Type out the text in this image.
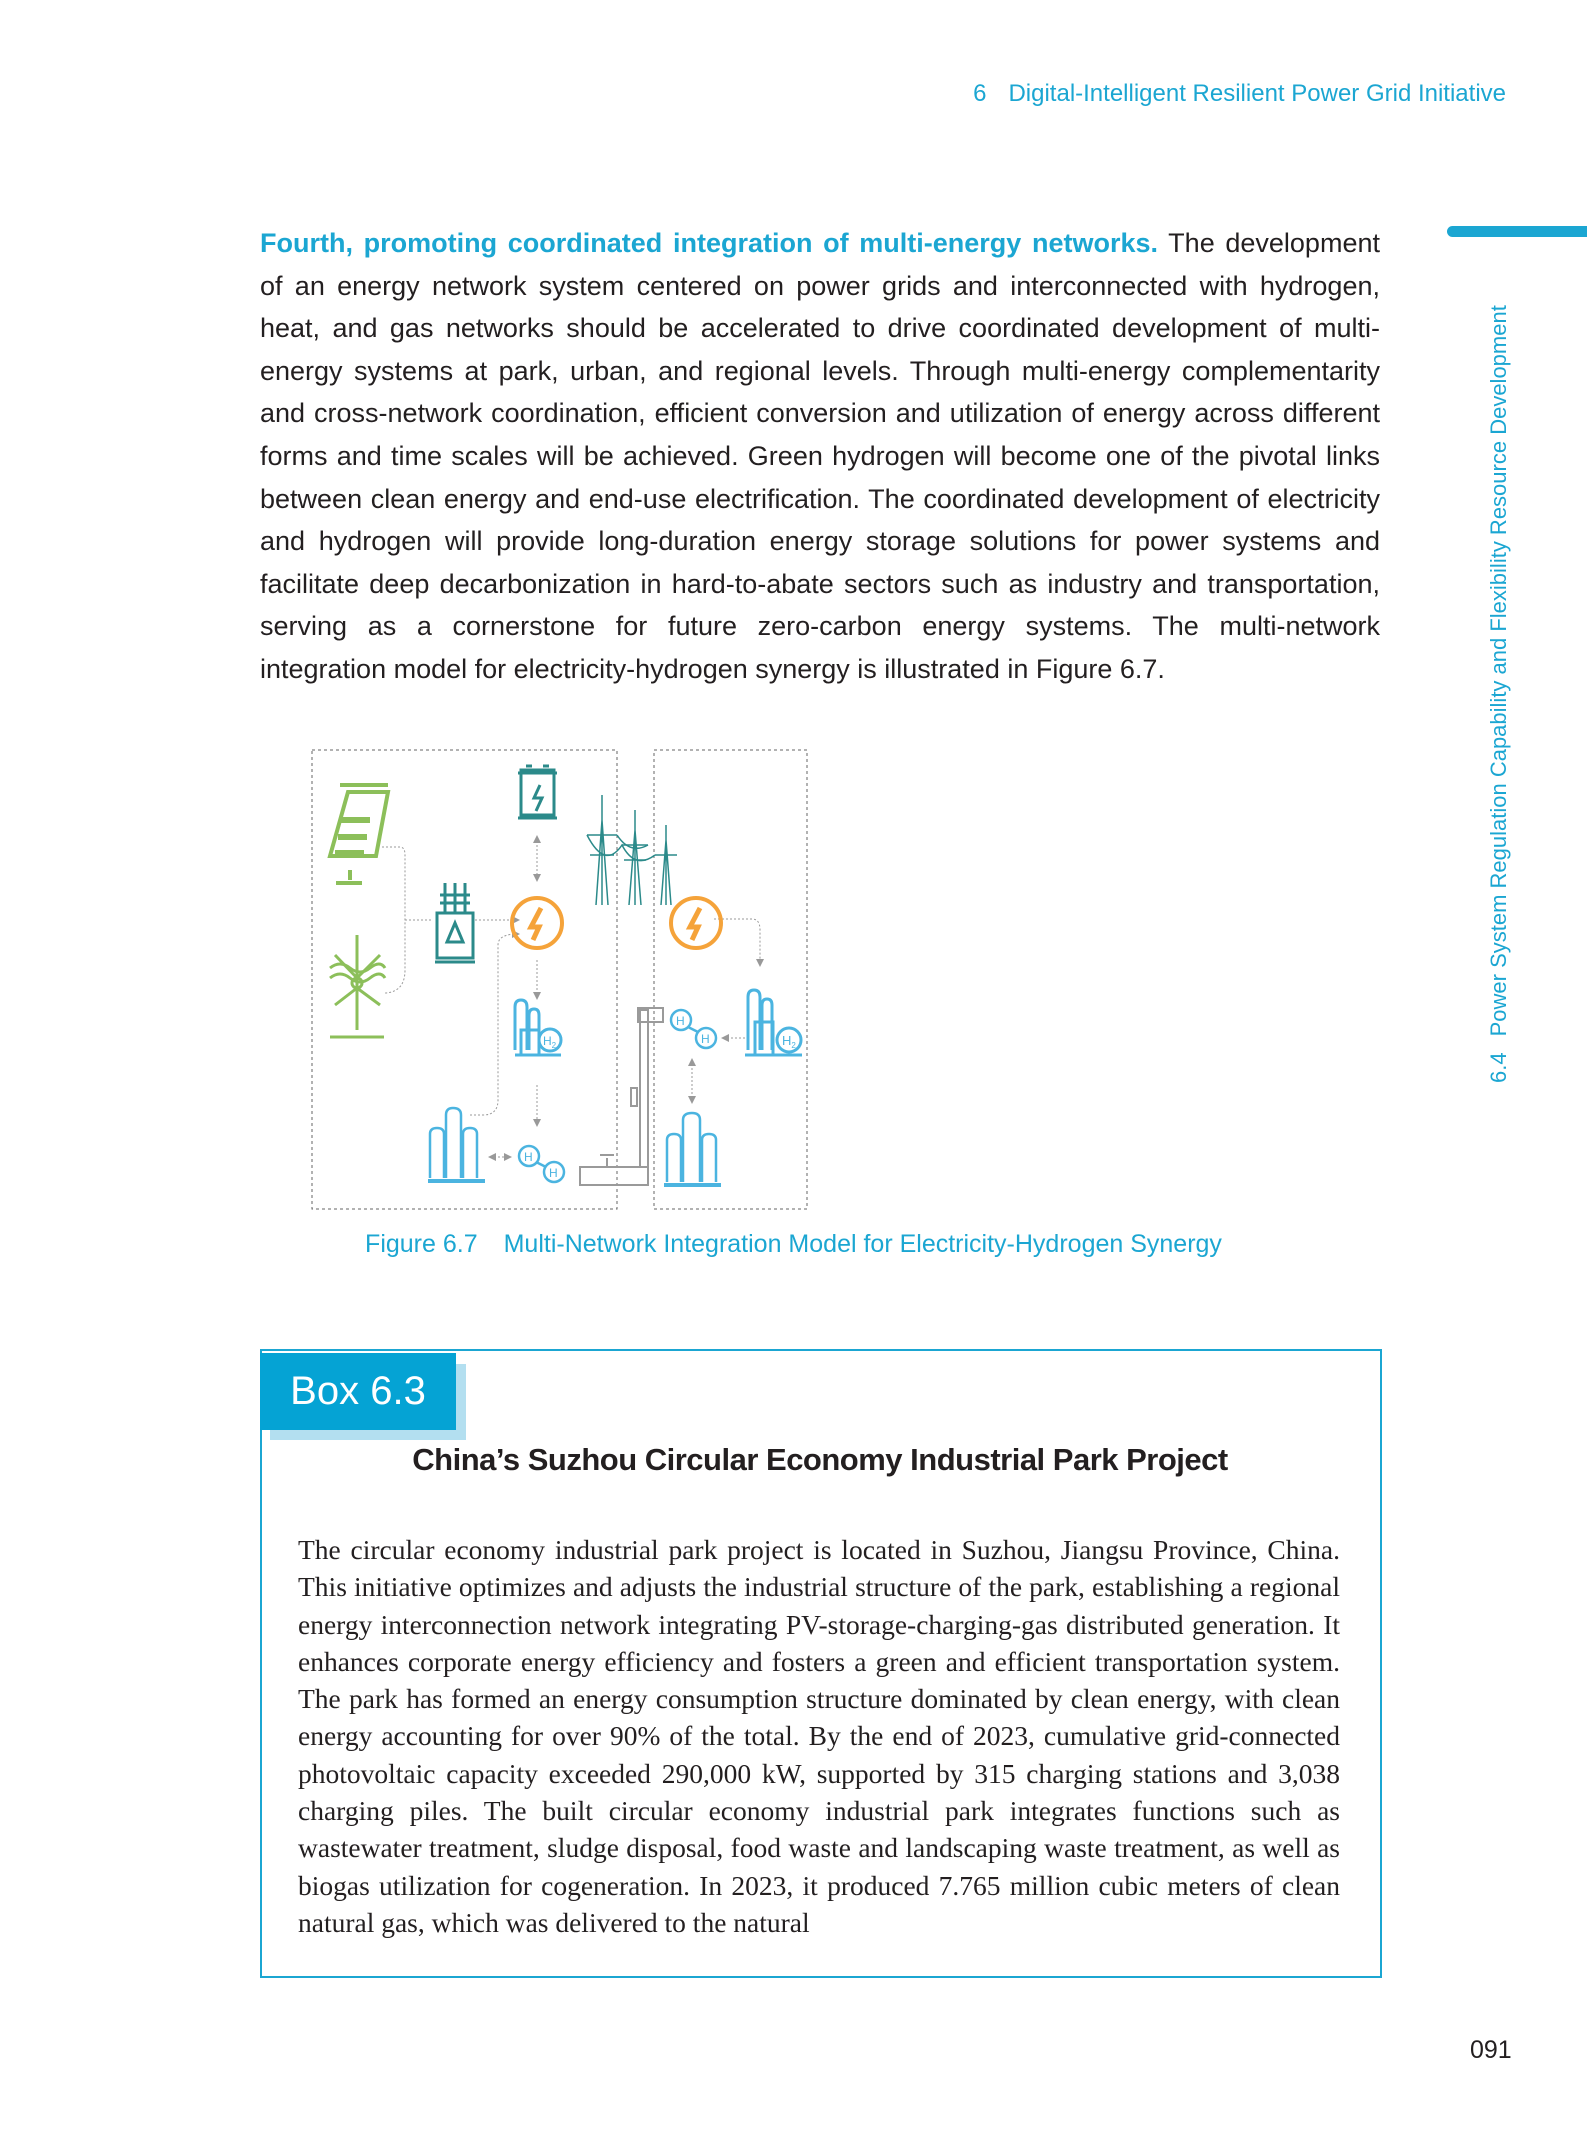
6 Digital-Intelligent Resilient Power Grid Initiative
6.4Power System Regulation Capability and Flexibility Resource Development
Fourth, promoting coordinated integration of multi-energy networks. The development of an energy network system centered on power grids and interconnected with hydrogen, heat, and gas networks should be accelerated to drive coordinated development of multi-energy systems at park, urban, and regional levels. Through multi-energy complementarity and cross-network coordination, efficient conversion and utilization of energy across different forms and time scales will be achieved. Green hydrogen will become one of the pivotal links between clean energy and end-use electrification. The coordinated development of electricity and hydrogen will provide long-duration energy storage solutions for power systems and facilitate deep decarbonization in hard-to-abate sectors such as industry and transportation, serving as a cornerstone for future zero-carbon energy systems. The multi-network integration model for electricity-hydrogen synergy is illustrated in Figure 6.7.
$H_2$	$H_2$
H
H
H
H
Figure 6.7 Multi-Network Integration Model for Electricity-Hydrogen Synergy
Box 6.3
China’s Suzhou Circular Economy Industrial Park Project
The circular economy industrial park project is located in Suzhou, Jiangsu Province, China. This initiative optimizes and adjusts the industrial structure of the park, establishing a regional energy interconnection network integrating PV-storage-charging-gas distributed generation. It enhances corporate energy efficiency and fosters a green and efficient transportation system. The park has formed an energy consumption structure dominated by clean energy, with clean energy accounting for over 90% of the total. By the end of 2023, cumulative grid-connected photovoltaic capacity exceeded 290,000 kW, supported by 315 charging stations and 3,038 charging piles. The built circular economy industrial park integrates functions such as wastewater treatment, sludge disposal, food waste and landscaping waste treatment, as well as biogas utilization for cogeneration. In 2023, it produced 7.765 million cubic meters of clean natural gas, which was delivered to the natural
091
